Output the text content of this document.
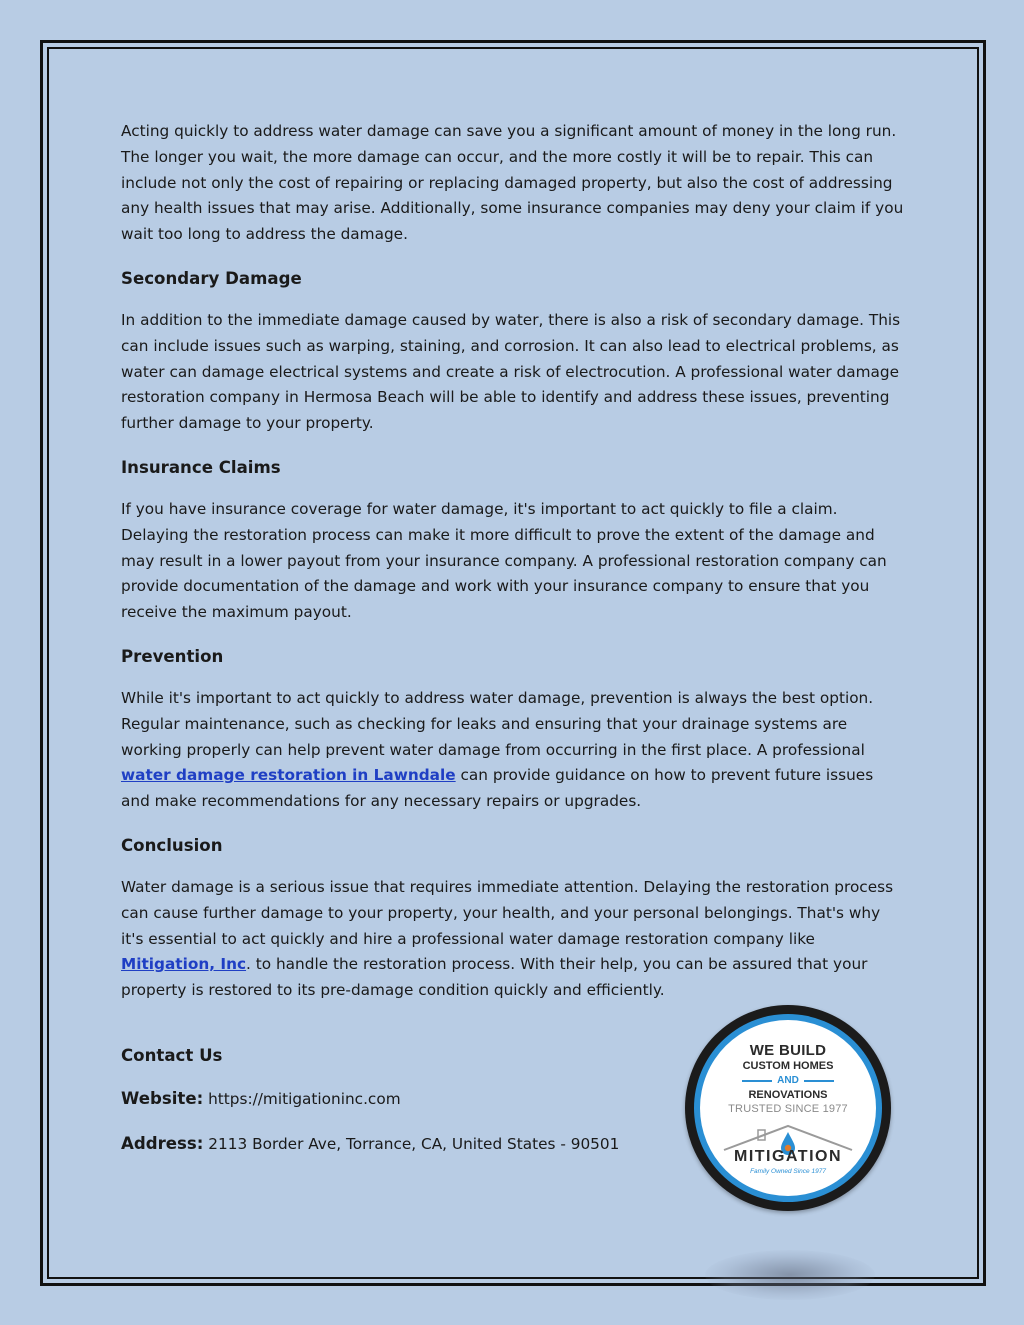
Acting quickly to address water damage can save you a significant amount of money in the long run. The longer you wait, the more damage can occur, and the more costly it will be to repair. This can include not only the cost of repairing or replacing damaged property, but also the cost of addressing any health issues that may arise. Additionally, some insurance companies may deny your claim if you wait too long to address the damage.

Secondary Damage

In addition to the immediate damage caused by water, there is also a risk of secondary damage. This can include issues such as warping, staining, and corrosion. It can also lead to electrical problems, as water can damage electrical systems and create a risk of electrocution. A professional water damage restoration company in Hermosa Beach will be able to identify and address these issues, preventing further damage to your property.

Insurance Claims

If you have insurance coverage for water damage, it's important to act quickly to file a claim. Delaying the restoration process can make it more difficult to prove the extent of the damage and may result in a lower payout from your insurance company. A professional restoration company can provide documentation of the damage and work with your insurance company to ensure that you receive the maximum payout.

Prevention

While it's important to act quickly to address water damage, prevention is always the best option. Regular maintenance, such as checking for leaks and ensuring that your drainage systems are working properly can help prevent water damage from occurring in the first place. A professional water damage restoration in Lawndale can provide guidance on how to prevent future issues and make recommendations for any necessary repairs or upgrades.

Conclusion

Water damage is a serious issue that requires immediate attention. Delaying the restoration process can cause further damage to your property, your health, and your personal belongings. That's why it's essential to act quickly and hire a professional water damage restoration company like Mitigation, Inc. to handle the restoration process. With their help, you can be assured that your property is restored to its pre-damage condition quickly and efficiently.

Contact Us

Website: https://mitigationinc.com

Address: 2113 Border Ave, Torrance, CA, United States - 90501

WE BUILD
CUSTOM HOMES
AND
RENOVATIONS
TRUSTED SINCE 1977
MITIGATION
Family Owned Since 1977
